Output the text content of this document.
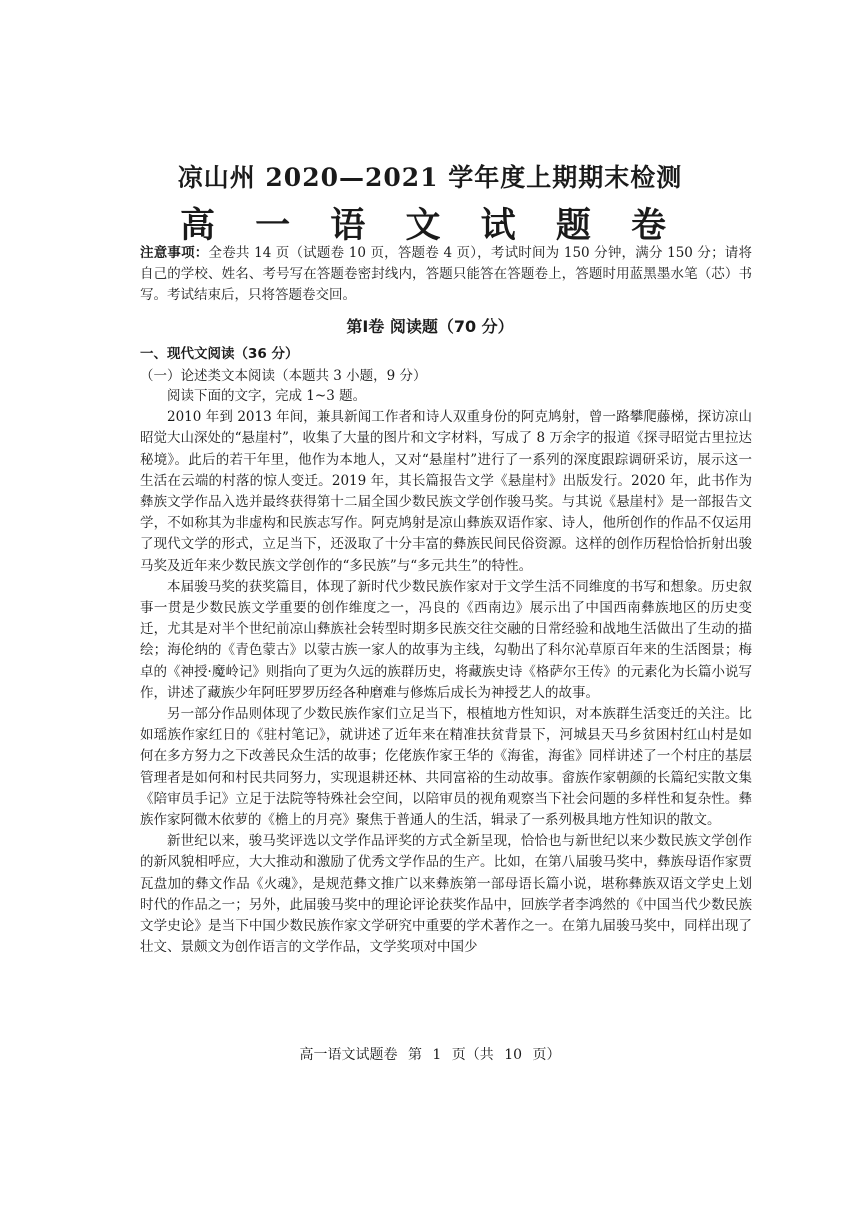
凉山州 2020—2021 学年度上期期末检测
高 一 语 文 试 题 卷
注意事项：全卷共 14 页（试题卷 10 页，答题卷 4 页），考试时间为 150 分钟，满分 150 分；请将自己的学校、姓名、考号写在答题卷密封线内，答题只能答在答题卷上，答题时用蓝黑墨水笔（芯）书写。考试结束后，只将答题卷交回。
第Ⅰ卷 阅读题（70 分）
一、现代文阅读（36 分）
（一）论述类文本阅读（本题共 3 小题，9 分）

阅读下面的文字，完成 1~3 题。

2010 年到 2013 年间，兼具新闻工作者和诗人双重身份的阿克鸠射，曾一路攀爬藤梯，探访凉山昭觉大山深处的“悬崖村”，收集了大量的图片和文字材料，写成了 8 万余字的报道《探寻昭觉古里拉达秘境》。此后的若干年里，他作为本地人，又对“悬崖村”进行了一系列的深度跟踪调研采访，展示这一生活在云端的村落的惊人变迁。2019 年，其长篇报告文学《悬崖村》出版发行。2020 年，此书作为彝族文学作品入选并最终获得第十二届全国少数民族文学创作骏马奖。与其说《悬崖村》是一部报告文学，不如称其为非虚构和民族志写作。阿克鸠射是凉山彝族双语作家、诗人，他所创作的作品不仅运用了现代文学的形式，立足当下，还汲取了十分丰富的彝族民间民俗资源。这样的创作历程恰恰折射出骏马奖及近年来少数民族文学创作的“多民族”与“多元共生”的特性。

本届骏马奖的获奖篇目，体现了新时代少数民族作家对于文学生活不同维度的书写和想象。历史叙事一贯是少数民族文学重要的创作维度之一，冯良的《西南边》展示出了中国西南彝族地区的历史变迁，尤其是对半个世纪前凉山彝族社会转型时期多民族交往交融的日常经验和战地生活做出了生动的描绘；海伦纳的《青色蒙古》以蒙古族一家人的故事为主线，勾勒出了科尔沁草原百年来的生活图景；梅卓的《神授·魔岭记》则指向了更为久远的族群历史，将藏族史诗《格萨尔王传》的元素化为长篇小说写作，讲述了藏族少年阿旺罗罗历经各种磨难与修炼后成长为神授艺人的故事。

另一部分作品则体现了少数民族作家们立足当下，根植地方性知识，对本族群生活变迁的关注。比如瑶族作家红日的《驻村笔记》，就讲述了近年来在精准扶贫背景下，河城县天马乡贫困村红山村是如何在多方努力之下改善民众生活的故事；仡佬族作家王华的《海雀，海雀》同样讲述了一个村庄的基层管理者是如何和村民共同努力，实现退耕还林、共同富裕的生动故事。畲族作家朝颜的长篇纪实散文集《陪审员手记》立足于法院等特殊社会空间，以陪审员的视角观察当下社会问题的多样性和复杂性。彝族作家阿微木依萝的《檐上的月亮》聚焦于普通人的生活，辑录了一系列极具地方性知识的散文。

新世纪以来，骏马奖评选以文学作品评奖的方式全新呈现，恰恰也与新世纪以来少数民族文学创作的新风貌相呼应，大大推动和激励了优秀文学作品的生产。比如，在第八届骏马奖中，彝族母语作家贾瓦盘加的彝文作品《火魂》，是规范彝文推广以来彝族第一部母语长篇小说，堪称彝族双语文学史上划时代的作品之一；另外，此届骏马奖中的理论评论获奖作品中，回族学者李鸿然的《中国当代少数民族文学史论》是当下中国少数民族作家文学研究中重要的学术著作之一。在第九届骏马奖中，同样出现了壮文、景颇文为创作语言的文学作品，文学奖项对中国少

高一语文试题卷 第 1 页（共 10 页）
